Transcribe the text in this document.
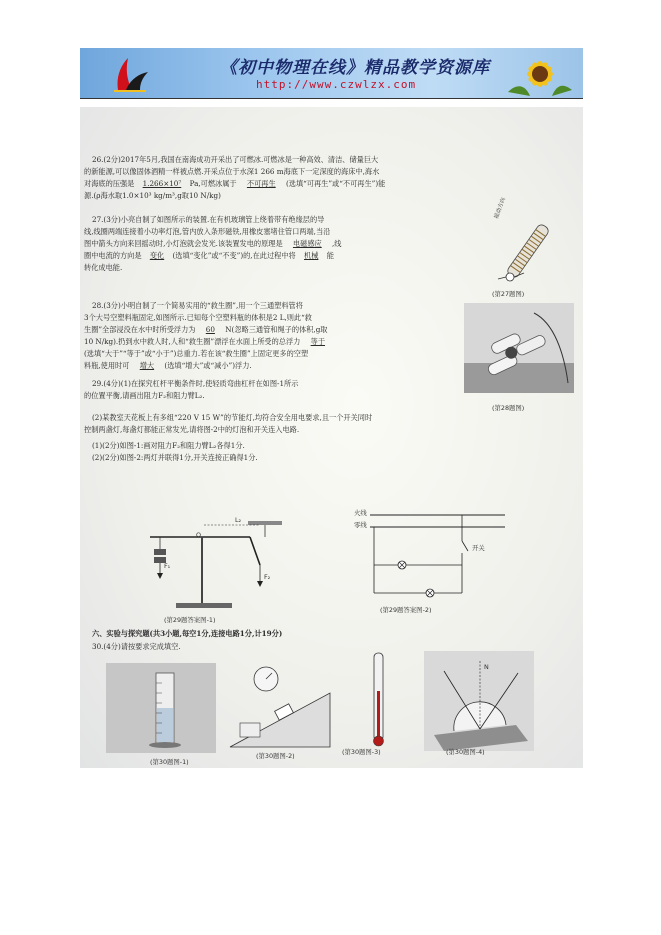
《初中物理在线》精品教学资源库
http://www.czwlzx.com
26.(2分)2017年5月,我国在南海成功开采出了可燃冰.可燃冰是一种高效、清洁、储量巨大
的新能源,可以像固体酒精一样被点燃.开采点位于水深1 266 m海底下一定深度的海床中,海水
对海底的压强是 1.266×10⁷ Pa,可燃冰属于 不可再生 (选填“可再生”或“不可再生”)能
源.(ρ海水取1.0×10³ kg/m³,g取10 N/kg)
27.(3分)小亮自制了如图所示的装置.在有机玻璃管上绕着带有绝缘层的导
线,线圈两端连接着小功率灯泡,管内放入条形磁铁,用橡皮塞堵住管口两端,当沿
图中箭头方向来回摇动时,小灯泡就会发光.该装置发电的原理是 电磁感应 ,线
圈中电流的方向是 变化 (选填“变化”或“不变”)的,在此过程中将 机械 能
转化成电能.
摇动方向
(第27题图)
28.(3分)小明自制了一个简易实用的“救生圈”,用一个三通塑料管将
3个大号空塑料瓶固定,如图所示.已知每个空塑料瓶的体积是2 L,则此“救
生圈”全部浸没在水中时所受浮力为 60 N(忽略三通管和绳子的体积,g取
10 N/kg).扔到水中救人时,人和“救生圈”漂浮在水面上所受的总浮力 等于
(选填“大于”“等于”或“小于”)总重力.若在该“救生圈”上固定更多的空塑
料瓶,使用时可 增大 (选填“增大”或“减小”)浮力.
(第28题图)
29.(4分)(1)在探究杠杆平衡条件时,使轻质弯曲杠杆在如图-1所示
的位置平衡,请画出阻力F₂和阻力臂L₂.
(2)某教室天花板上有多组“220 V 15 W”的节能灯,均符合安全用电要求,且一个开关同时
控制两盏灯,每盏灯都能正常发光,请将图-2中的灯泡和开关连入电路.
(1)(2分)如图-1:画对阻力F₂和阻力臂L₂各得1分.
(2)(2分)如图-2:两灯并联得1分,开关连接正确得1分.
L₂
O
F₁
F₂
(第29题答案图-1)
火线
零线
开关
(第29题答案图-2)
六、实验与探究题(共3小题,每空1分,连接电路1分,计19分)
30.(4分)请按要求完成填空.
N
(第30题图-1)
(第30题图-2)	(第30题图-3)	(第30题图-4)
